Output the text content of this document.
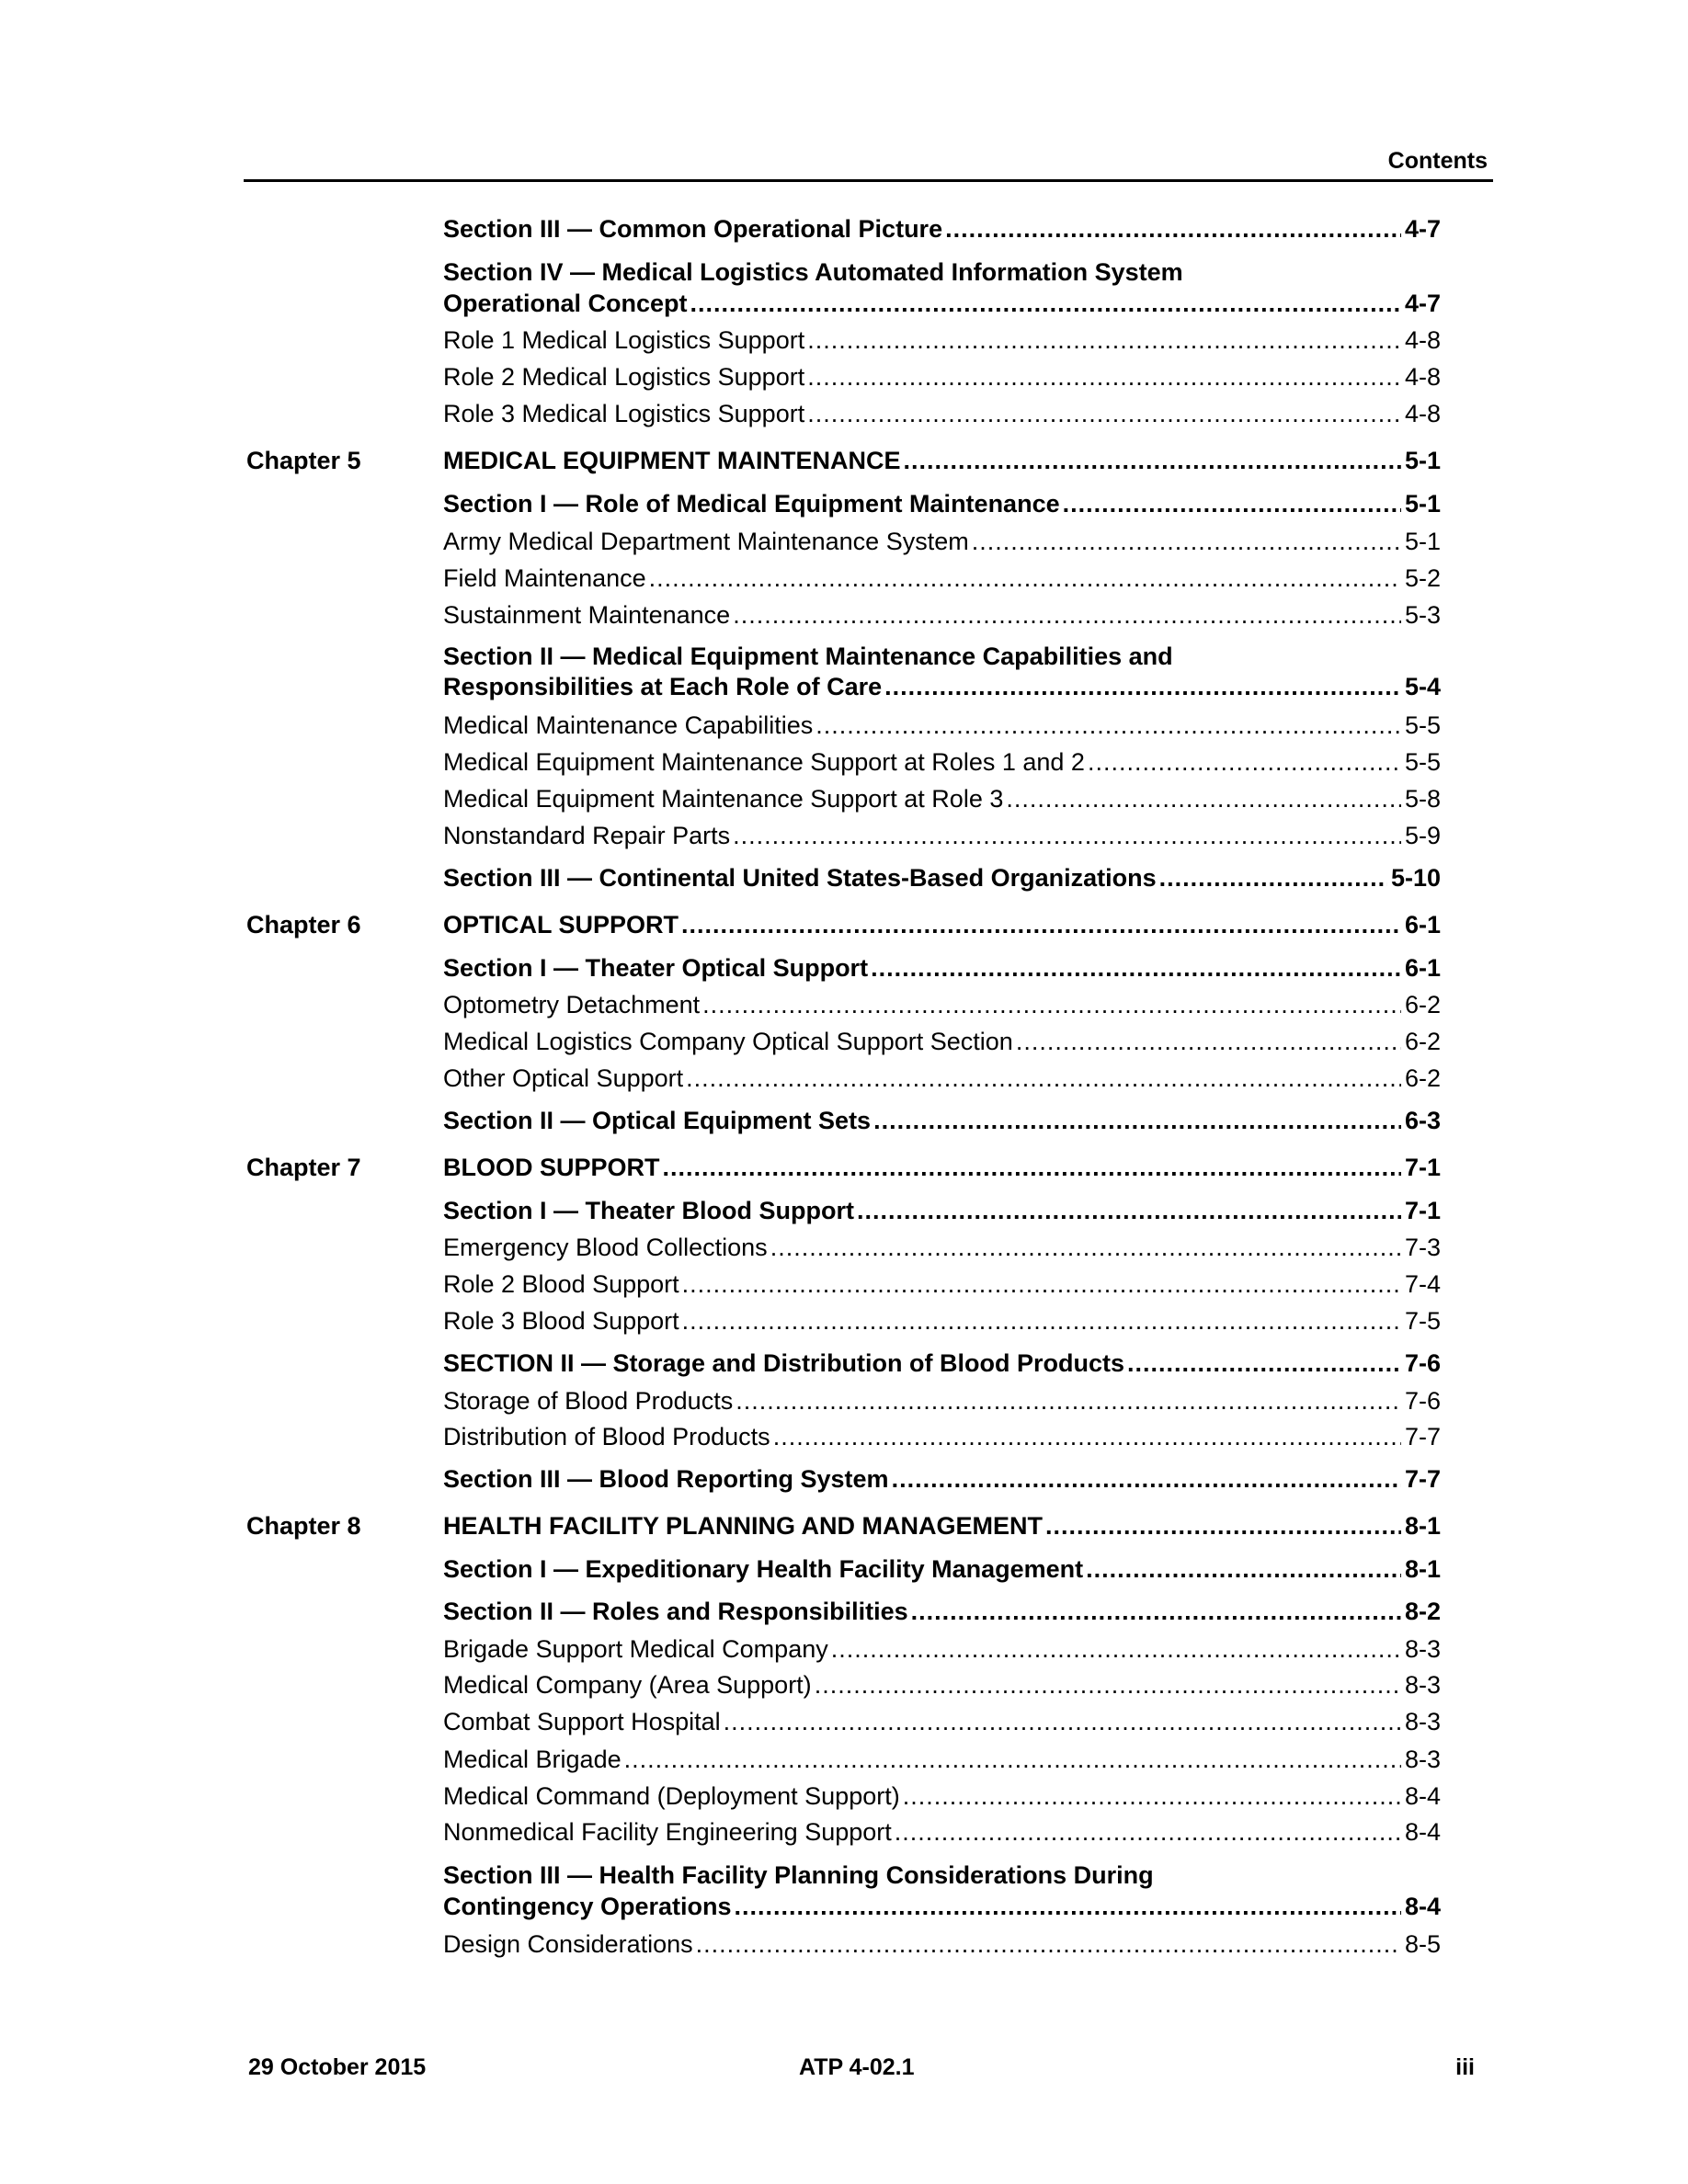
Contents
Section III — Common Operational Picture .....	4-7
Section IV — Medical Logistics Automated Information System
Operational Concept .....	4-7
Role 1 Medical Logistics Support .....	4-8
Role 2 Medical Logistics Support .....	4-8
Role 3 Medical Logistics Support .....	4-8
Chapter 5	MEDICAL EQUIPMENT MAINTENANCE .....	5-1
Section I — Role of Medical Equipment Maintenance .....	5-1
Army Medical Department Maintenance System .....	5-1
Field Maintenance .....	5-2
Sustainment Maintenance .....	5-3
Section II — Medical Equipment Maintenance Capabilities and
Responsibilities at Each Role of Care .....	5-4
Medical Maintenance Capabilities .....	5-5
Medical Equipment Maintenance Support at Roles 1 and 2 .....	5-5
Medical Equipment Maintenance Support at Role 3 .....	5-8
Nonstandard Repair Parts .....	5-9
Section III — Continental United States-Based Organizations .....	5-10
Chapter 6	OPTICAL SUPPORT .....	6-1
Section I — Theater Optical Support .....	6-1
Optometry Detachment .....	6-2
Medical Logistics Company Optical Support Section .....	6-2
Other Optical Support .....	6-2
Section II — Optical Equipment Sets .....	6-3
Chapter 7	BLOOD SUPPORT .....	7-1
Section I — Theater Blood Support .....	7-1
Emergency Blood Collections .....	7-3
Role 2 Blood Support .....	7-4
Role 3 Blood Support .....	7-5
SECTION II — Storage and Distribution of Blood Products .....	7-6
Storage of Blood Products .....	7-6
Distribution of Blood Products .....	7-7
Section III — Blood Reporting System .....	7-7
Chapter 8	HEALTH FACILITY PLANNING AND MANAGEMENT .....	8-1
Section I — Expeditionary Health Facility Management .....	8-1
Section II — Roles and Responsibilities .....	8-2
Brigade Support Medical Company .....	8-3
Medical Company (Area Support) .....	8-3
Combat Support Hospital .....	8-3
Medical Brigade .....	8-3
Medical Command (Deployment Support) .....	8-4
Nonmedical Facility Engineering Support .....	8-4
Section III — Health Facility Planning Considerations During
Contingency Operations .....	8-4
Design Considerations .....	8-5
29 October 2015	ATP 4-02.1	iii
